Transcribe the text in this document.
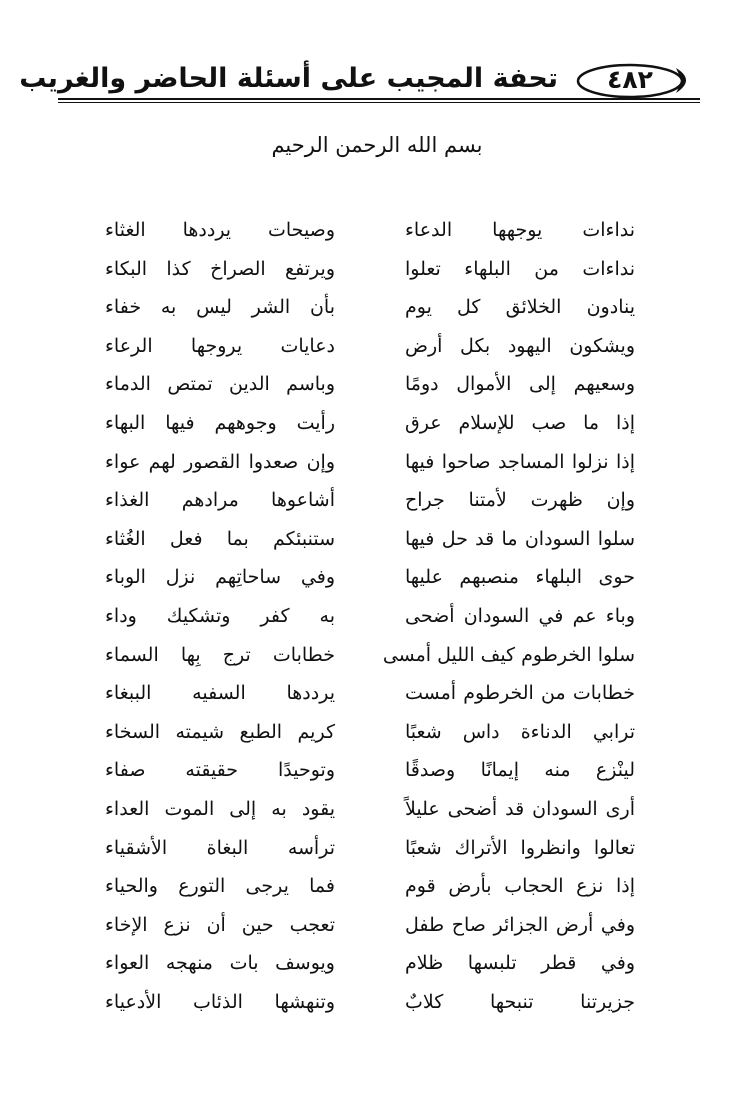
تحفة المجيب على أسئلة الحاضر والغريب	٤٨٢
بسم الله الرحمن الرحيم
نداءات يوجهها الدعاء
وصيحات يرددها الغثاء
نداءات من البلهاء تعلوا
ويرتفع الصراخ كذا البكاء
ينادون الخلائق كل يوم
بأن الشر ليس به خفاء
ويشكون اليهود بكل أرض
دعايات يروجها الرعاء
وسعيهم إلى الأموال دومًا
وباسم الدين تمتص الدماء
إذا ما صب للإسلام عرق
رأيت وجوههم فيها البهاء
إذا نزلوا المساجد صاحوا فيها
وإن صعدوا القصور لهم عواء
وإن ظهرت لأمتنا جراح
أشاعوها مرادهم الغذاء
سلوا السودان ما قد حل فيها
ستنبئكم بما فعل الغُثاء
حوى البلهاء منصبهم عليها
وفي ساحاتِهم نزل الوباء
وباء عم في السودان أضحى
به كفر وتشكيك وداء
سلوا الخرطوم كيف الليل أمسى
خطابات ترج بِها السماء
خطابات من الخرطوم أمست
يرددها السفيه الببغاء
ترابي الدناءة داس شعبًا
كريم الطبع شيمته السخاء
لينْزع منه إيمانًا وصدقًا
وتوحيدًا حقيقته صفاء
أرى السودان قد أضحى عليلاً
يقود به إلى الموت العداء
تعالوا وانظروا الأتراك شعبًا
ترأسه البغاة الأشقياء
إذا نزع الحجاب بأرض قوم
فما يرجى التورع والحياء
وفي أرض الجزائر صاح طفل
تعجب حين أن نزع الإخاء
وفي قطر تلبسها ظلام
ويوسف بات منهجه العواء
جزيرتنا تنبحها كلابٌ
وتنهشها الذئاب الأدعياء
